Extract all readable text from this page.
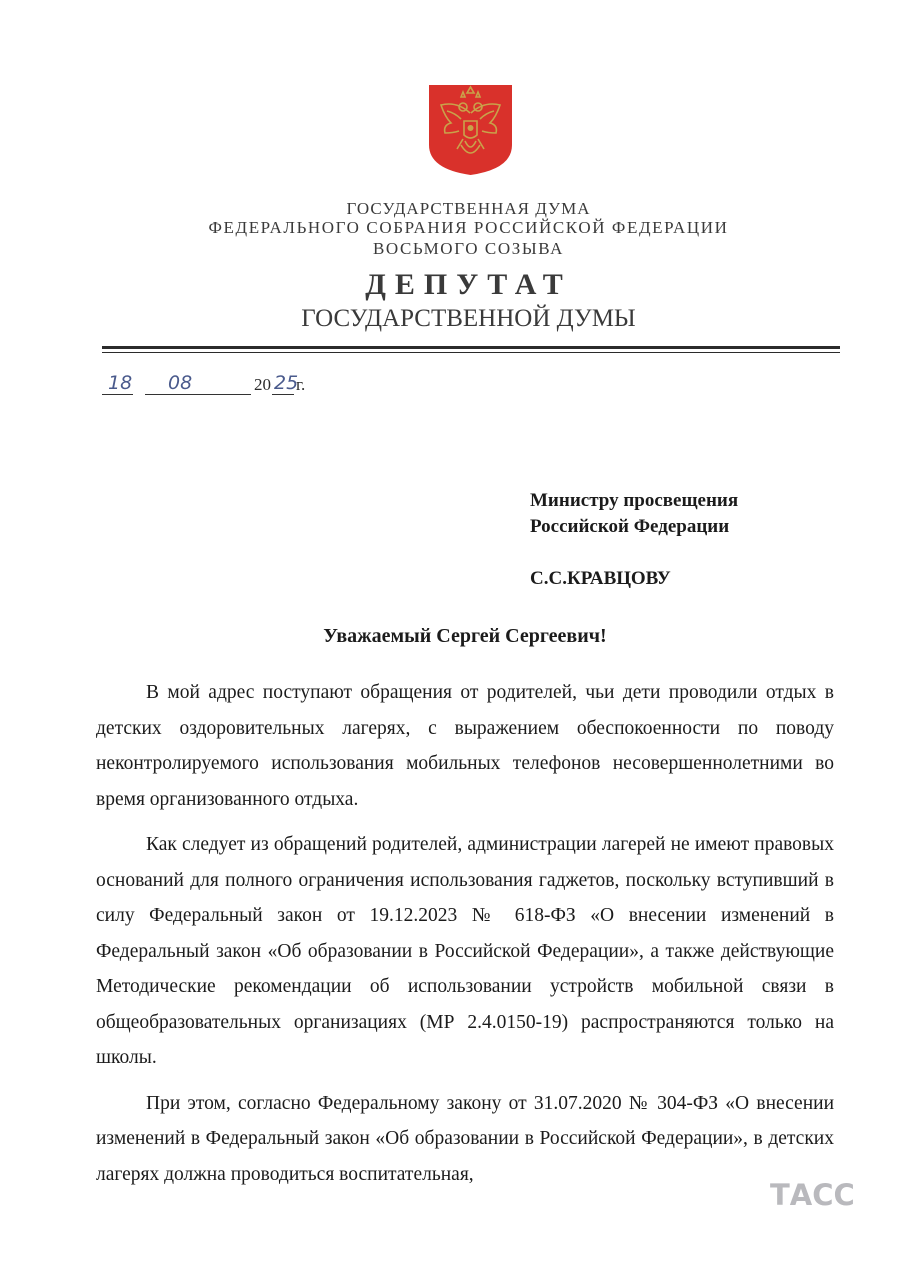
ГОСУДАРСТВЕННАЯ ДУМА
ФЕДЕРАЛЬНОГО СОБРАНИЯ РОССИЙСКОЙ ФЕДЕРАЦИИ
ВОСЬМОГО СОЗЫВА
ДЕПУТАТ
ГОСУДАРСТВЕННОЙ ДУМЫ
18 08	20 25
г.
Министру просвещения
Российской Федерации
С.С.КРАВЦОВУ
Уважаемый Сергей Сергеевич!

В мой адрес поступают обращения от родителей, чьи дети проводили отдых в детских оздоровительных лагерях, с выражением обеспокоенности по поводу неконтролируемого использования мобильных телефонов несовершеннолетними во время организованного отдыха.

Как следует из обращений родителей, администрации лагерей не имеют правовых оснований для полного ограничения использования гаджетов, поскольку вступивший в силу Федеральный закон от 19.12.2023 № 618-ФЗ «О внесении изменений в Федеральный закон «Об образовании в Российской Федерации», а также действующие Методические рекомендации об использовании устройств мобильной связи в общеобразовательных организациях (МР 2.4.0150-19) распространяются только на школы.

При этом, согласно Федеральному закону от 31.07.2020 № 304-ФЗ «О внесении изменений в Федеральный закон «Об образовании в Российской Федерации», в детских лагерях должна проводиться воспитательная,

ТАСС
